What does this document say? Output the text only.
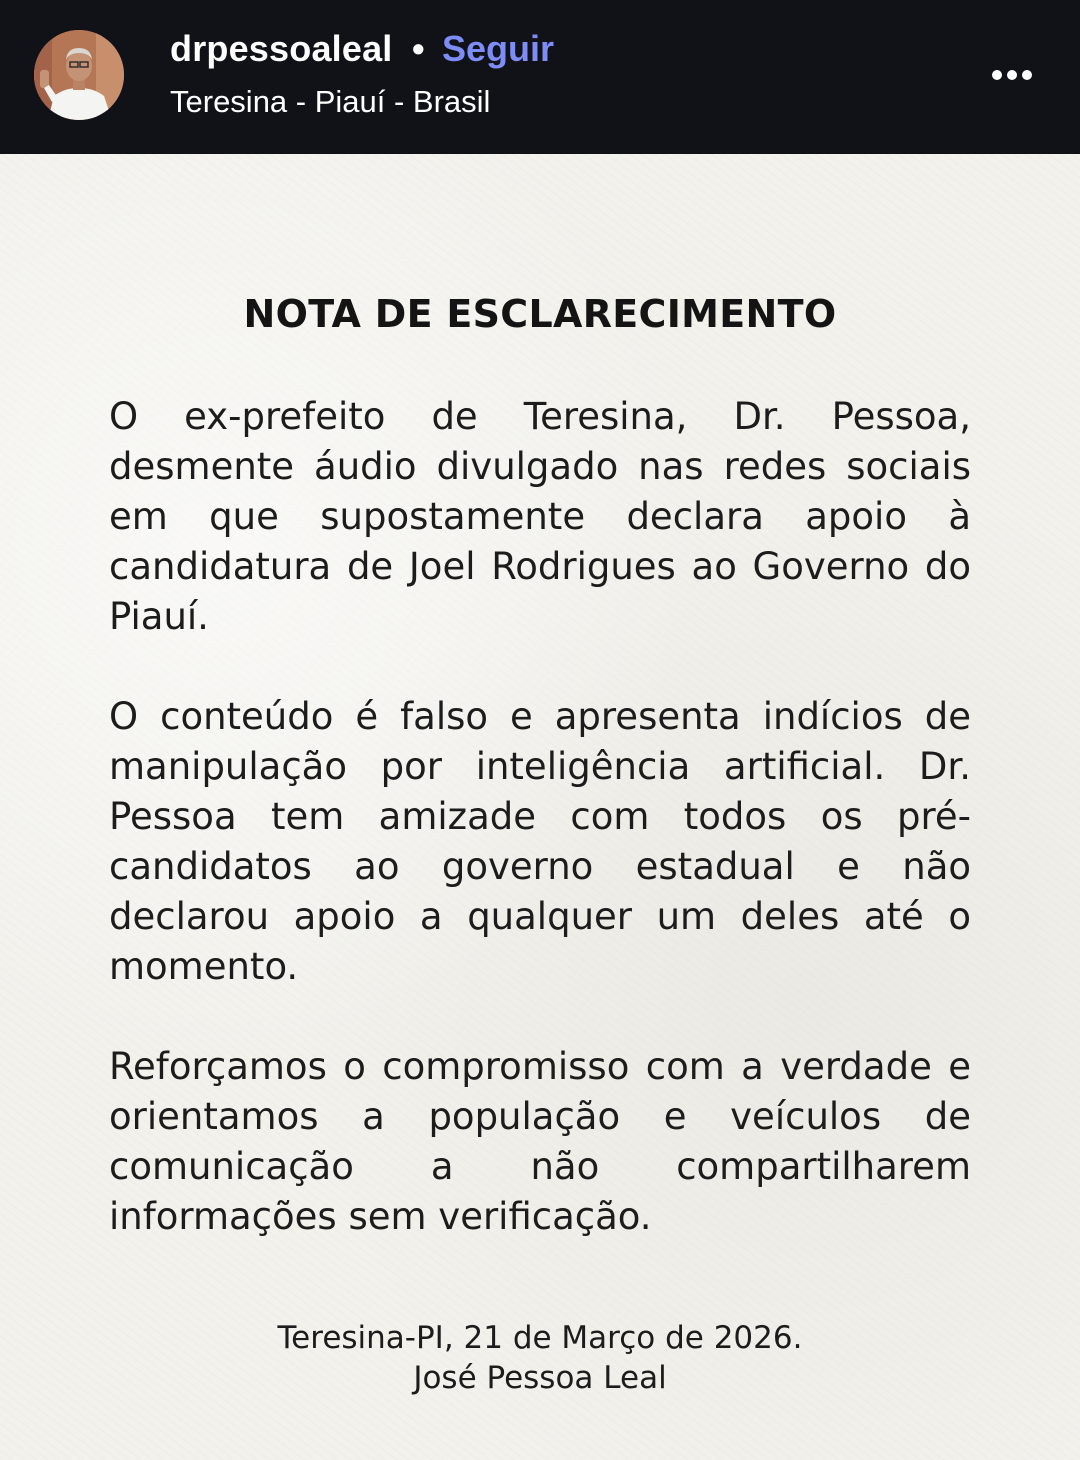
drpessoaleal • Seguir
Teresina - Piauí - Brasil
NOTA DE ESCLARECIMENTO

O ex-prefeito de Teresina, Dr. Pessoa, desmente áudio divulgado nas redes sociais em que supostamente declara apoio à candidatura de Joel Rodrigues ao Governo do Piauí.

O conteúdo é falso e apresenta indícios de manipulação por inteligência artificial. Dr. Pessoa tem amizade com todos os pré-candidatos ao governo estadual e não declarou apoio a qualquer um deles até o momento.

Reforçamos o compromisso com a verdade e orientamos a população e veículos de comunicação a não compartilharem informações sem verificação.

Teresina-PI, 21 de Março de 2026.
José Pessoa Leal
